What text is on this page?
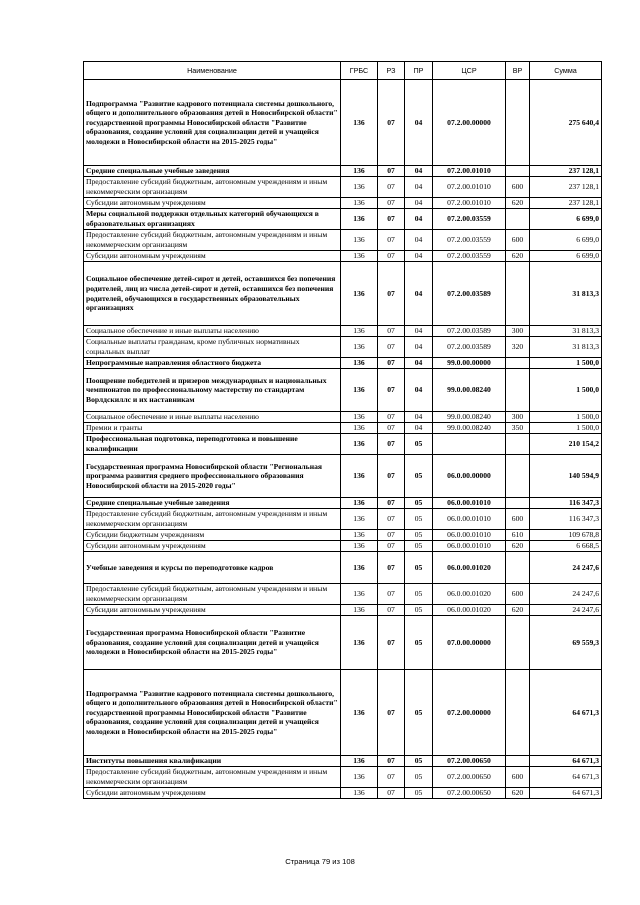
Наименование	ГРБС	РЗ	ПР	ЦСР	ВР	Сумма
Подпрограмма "Развитие кадрового потенциала системы дошкольного, общего и дополнительного образования детей в Новосибирской области" государственной программы Новосибирской области "Развитие образования, создание условий для социализации детей и учащейся молодежи в Новосибирской области на 2015-2025 годы"	136	07	04	07.2.00.00000		275 640,4
Средние специальные учебные заведения	136	07	04	07.2.00.01010		237 128,1
Предоставление субсидий бюджетным, автономным учреждениям и иным некоммерческим организациям	136	07	04	07.2.00.01010	600	237 128,1
Субсидии автономным учреждениям	136	07	04	07.2.00.01010	620	237 128,1
Меры социальной поддержки отдельных категорий обучающихся в образовательных организациях	136	07	04	07.2.00.03559		6 699,0
Предоставление субсидий бюджетным, автономным учреждениям и иным некоммерческим организациям	136	07	04	07.2.00.03559	600	6 699,0
Субсидии автономным учреждениям	136	07	04	07.2.00.03559	620	6 699,0
Социальное обеспечение детей-сирот и детей, оставшихся без попечения родителей, лиц из числа детей-сирот и детей, оставшихся без попечения родителей, обучающихся в государственных образовательных организациях	136	07	04	07.2.00.03589		31 813,3
Социальное обеспечение и иные выплаты населению	136	07	04	07.2.00.03589	300	31 813,3
Социальные выплаты гражданам, кроме публичных нормативных социальных выплат	136	07	04	07.2.00.03589	320	31 813,3
Непрограммные направления областного бюджета	136	07	04	99.0.00.00000		1 500,0
Поощрение победителей и призеров международных и национальных чемпионатов по профессиональному мастерству по стандартам Ворлдскиллс и их наставникам	136	07	04	99.0.00.08240		1 500,0
Социальное обеспечение и иные выплаты населению	136	07	04	99.0.00.08240	300	1 500,0
Премии и гранты	136	07	04	99.0.00.08240	350	1 500,0
Профессиональная подготовка, переподготовка и повышение квалификации	136	07	05			210 154,2
Государственная программа Новосибирской области "Региональная программа развития среднего профессионального образования Новосибирской области на 2015-2020 годы"	136	07	05	06.0.00.00000		140 594,9
Средние специальные учебные заведения	136	07	05	06.0.00.01010		116 347,3
Предоставление субсидий бюджетным, автономным учреждениям и иным некоммерческим организациям	136	07	05	06.0.00.01010	600	116 347,3
Субсидии бюджетным учреждениям	136	07	05	06.0.00.01010	610	109 678,8
Субсидии автономным учреждениям	136	07	05	06.0.00.01010	620	6 668,5
Учебные заведения и курсы по переподготовке кадров	136	07	05	06.0.00.01020		24 247,6
Предоставление субсидий бюджетным, автономным учреждениям и иным некоммерческим организациям	136	07	05	06.0.00.01020	600	24 247,6
Субсидии автономным учреждениям	136	07	05	06.0.00.01020	620	24 247,6
Государственная программа Новосибирской области "Развитие образования, создание условий для социализации детей и учащейся молодежи в Новосибирской области на 2015-2025 годы"	136	07	05	07.0.00.00000		69 559,3
Подпрограмма "Развитие кадрового потенциала системы дошкольного, общего и дополнительного образования детей в Новосибирской области" государственной программы Новосибирской области "Развитие образования, создание условий для социализации детей и учащейся молодежи в Новосибирской области на 2015-2025 годы"	136	07	05	07.2.00.00000		64 671,3
Институты повышения квалификации	136	07	05	07.2.00.00650		64 671,3
Предоставление субсидий бюджетным, автономным учреждениям и иным некоммерческим организациям	136	07	05	07.2.00.00650	600	64 671,3
Субсидии автономным учреждениям	136	07	05	07.2.00.00650	620	64 671,3
Страница 79 из 108
